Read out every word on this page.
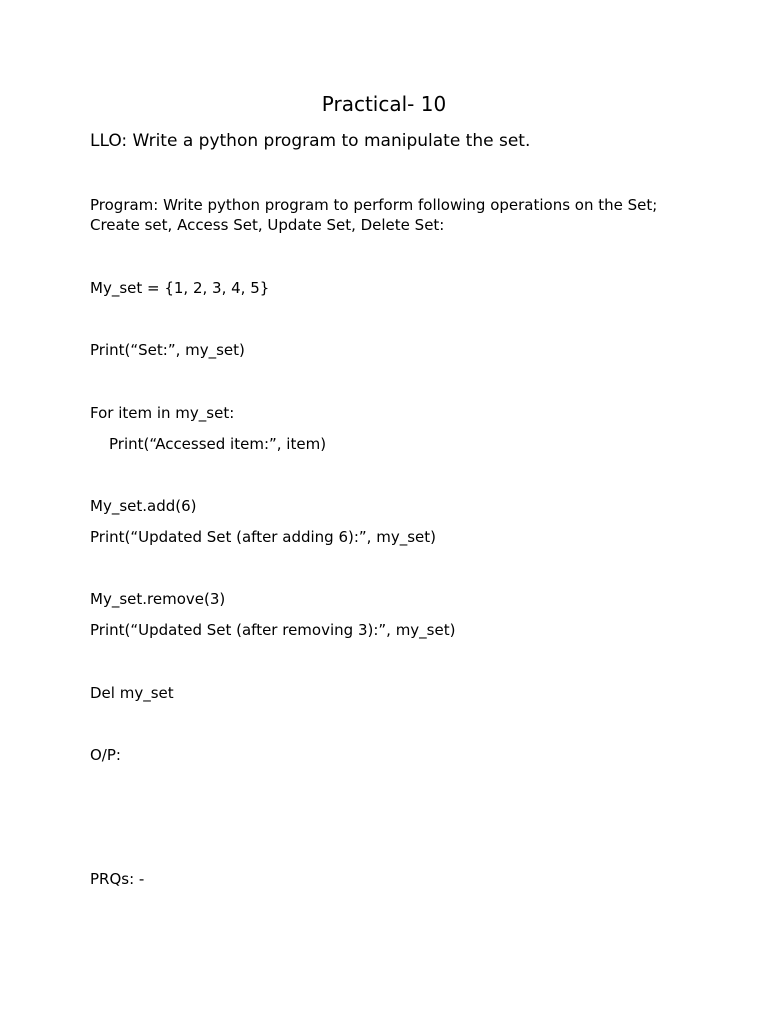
Practical- 10
LLO: Write a python program to manipulate the set.
Program: Write python program to perform following operations on the Set;
Create set, Access Set, Update Set, Delete Set:
My_set = {1, 2, 3, 4, 5}
Print(“Set:”, my_set)
For item in my_set:
Print(“Accessed item:”, item)
My_set.add(6)
Print(“Updated Set (after adding 6):”, my_set)
My_set.remove(3)
Print(“Updated Set (after removing 3):”, my_set)
Del my_set
O/P:
PRQs: -
